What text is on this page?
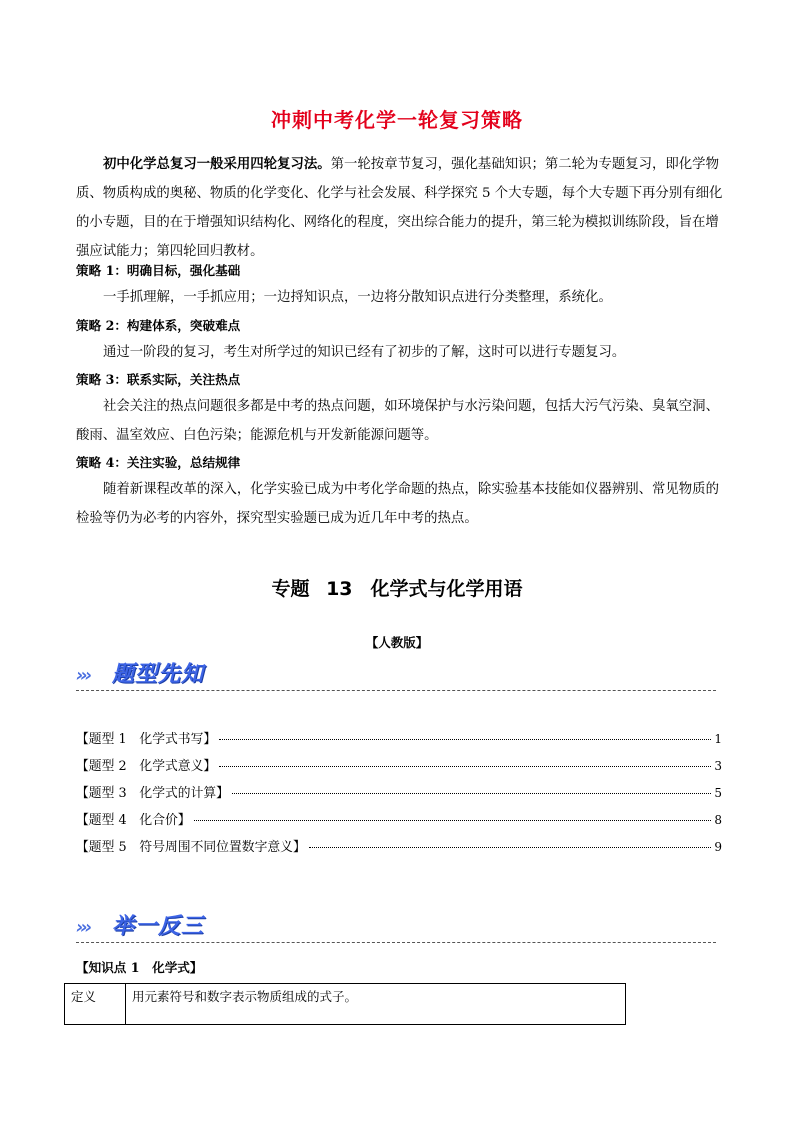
冲刺中考化学一轮复习策略

初中化学总复习一般采用四轮复习法。第一轮按章节复习，强化基础知识；第二轮为专题复习，即化学物质、物质构成的奥秘、物质的化学变化、化学与社会发展、科学探究 5 个大专题，每个大专题下再分别有细化的小专题，目的在于增强知识结构化、网络化的程度，突出综合能力的提升，第三轮为模拟训练阶段，旨在增强应试能力；第四轮回归教材。

策略 1：明确目标，强化基础
一手抓理解，一手抓应用；一边捋知识点，一边将分散知识点进行分类整理，系统化。
策略 2：构建体系，突破难点
通过一阶段的复习，考生对所学过的知识已经有了初步的了解，这时可以进行专题复习。
策略 3：联系实际，关注热点
社会关注的热点问题很多都是中考的热点问题，如环境保护与水污染问题，包括大污气污染、臭氧空洞、酸雨、温室效应、白色污染；能源危机与开发新能源问题等。
策略 4：关注实验，总结规律
随着新课程改革的深入，化学实验已成为中考化学命题的热点，除实验基本技能如仪器辨别、常见物质的检验等仍为必考的内容外，探究型实验题已成为近几年中考的热点。
专题 13 化学式与化学用语
【人教版】
››› 题型先知
【题型 1　化学式书写】	1
【题型 2　化学式意义】	3
【题型 3　化学式的计算】	5
【题型 4　化合价】	8
【题型 5　符号周围不同位置数字意义】	9
››› 举一反三
【知识点 1　化学式】
定义	用元素符号和数字表示物质组成的式子。
